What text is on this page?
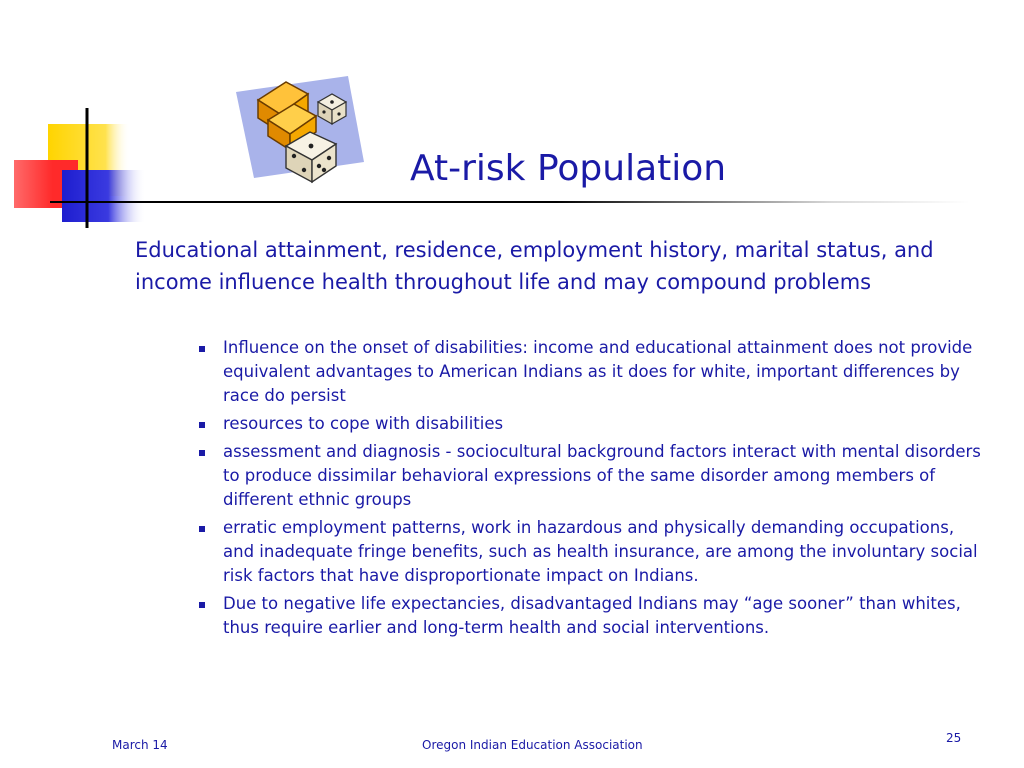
At-risk Population
Educational attainment, residence, employment history, marital status, and income influence health throughout life and may compound problems
Influence on the onset of disabilities: income and educational attainment does not provide equivalent advantages to American Indians as it does for white, important differences by race do persist
resources to cope with disabilities
assessment and diagnosis - sociocultural background factors interact with mental disorders to produce dissimilar behavioral expressions of the same disorder among members of different ethnic groups
erratic employment patterns, work in hazardous and physically demanding occupations, and inadequate fringe benefits, such as health insurance, are among the involuntary social risk factors that have disproportionate impact on Indians.
Due to negative life expectancies, disadvantaged Indians may “age sooner” than whites, thus require earlier and long-term health and social interventions.
March 14	Oregon Indian Education Association	25
